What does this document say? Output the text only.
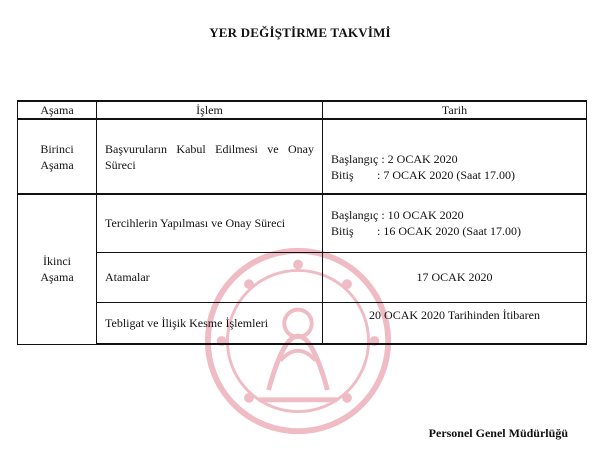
YER DEĞİŞTİRME TAKVİMİ
Aşama	İşlem	Tarih
Birinci Aşama	Başvuruların Kabul Edilmesi ve Onay Süreci	Başlangıç : 2 OCAK 2020
Bitiş : 7 OCAK 2020 (Saat 17.00)

İkinci Aşama	Tercihlerin Yapılması ve Onay Süreci	Başlangıç : 10 OCAK 2020
Bitiş : 16 OCAK 2020 (Saat 17.00)

	Atamalar	17 OCAK 2020
	Tebligat ve İlişik Kesme İşlemleri	20 OCAK 2020 Tarihinden İtibaren
Personel Genel Müdürlüğü
